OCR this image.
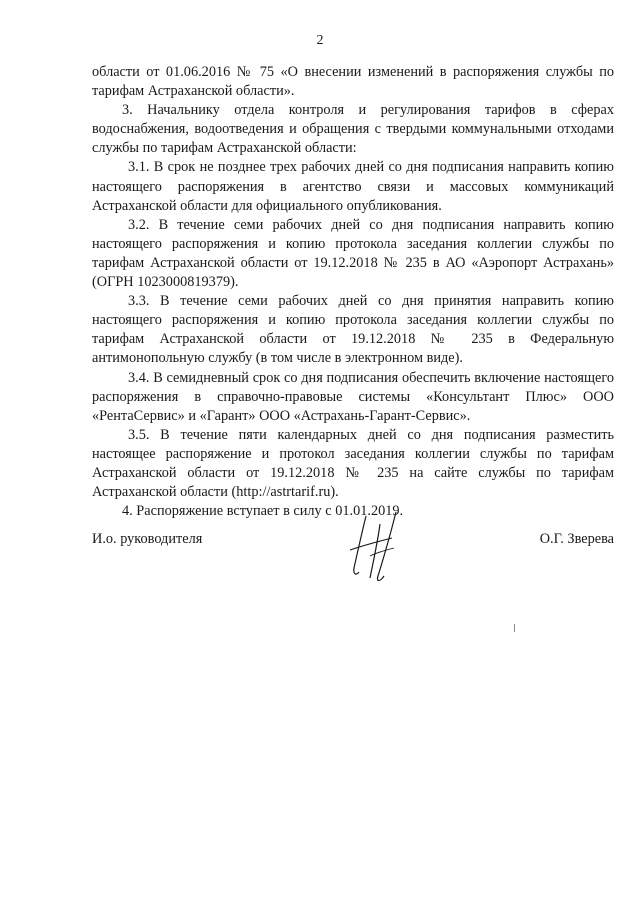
2

области от 01.06.2016 № 75 «О внесении изменений в распоряжения службы по тарифам Астраханской области».

3. Начальнику отдела контроля и регулирования тарифов в сферах водоснабжения, водоотведения и обращения с твердыми коммунальными отходами службы по тарифам Астраханской области:

3.1. В срок не позднее трех рабочих дней со дня подписания направить копию настоящего распоряжения в агентство связи и массовых коммуникаций Астраханской области для официального опубликования.

3.2. В течение семи рабочих дней со дня подписания направить копию настоящего распоряжения и копию протокола заседания коллегии службы по тарифам Астраханской области от 19.12.2018 № 235 в АО «Аэропорт Астрахань» (ОГРН 1023000819379).

3.3. В течение семи рабочих дней со дня принятия направить копию настоящего распоряжения и копию протокола заседания коллегии службы по тарифам Астраханской области от 19.12.2018 № 235 в Федеральную антимонопольную службу (в том числе в электронном виде).

3.4. В семидневный срок со дня подписания обеспечить включение настоящего распоряжения в справочно-правовые системы «Консультант Плюс» ООО «РентаСервис» и «Гарант» ООО «Астрахань-Гарант-Сервис».

3.5. В течение пяти календарных дней со дня подписания разместить настоящее распоряжение и протокол заседания коллегии службы по тарифам Астраханской области от 19.12.2018 № 235 на сайте службы по тарифам Астраханской области (http://astrtarif.ru).

4. Распоряжение вступает в силу с 01.01.2019.

И.о. руководителя	О.Г. Зверева
